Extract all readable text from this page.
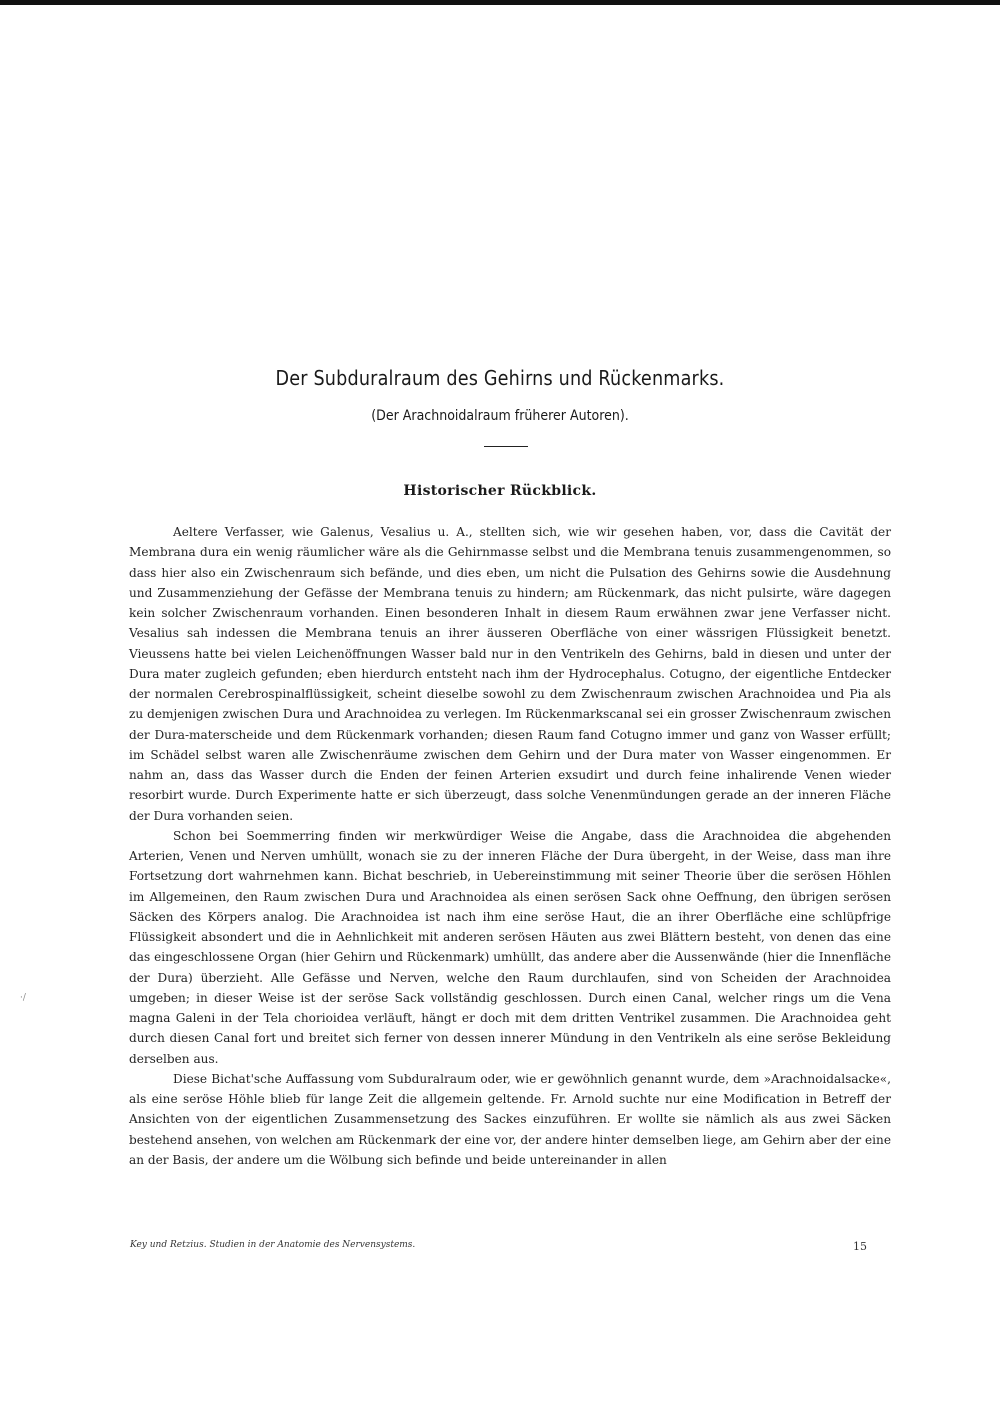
Der Subduralraum des Gehirns und Rückenmarks.
(Der Arachnoidalraum früherer Autoren).
Historischer Rückblick.

Aeltere Verfasser, wie Galenus, Vesalius u. A., stellten sich, wie wir gesehen haben, vor, dass die Cavität der Membrana dura ein wenig räumlicher wäre als die Gehirnmasse selbst und die Membrana tenuis zusammengenommen, so dass hier also ein Zwischenraum sich befände, und dies eben, um nicht die Pulsation des Gehirns sowie die Ausdehnung und Zusammenziehung der Gefässe der Membrana tenuis zu hindern; am Rückenmark, das nicht pulsirte, wäre dagegen kein solcher Zwischenraum vorhanden. Einen besonderen Inhalt in diesem Raum erwähnen zwar jene Verfasser nicht. Vesalius sah indessen die Membrana tenuis an ihrer äusseren Oberfläche von einer wässrigen Flüssigkeit benetzt. Vieussens hatte bei vielen Leichenöffnungen Wasser bald nur in den Ventrikeln des Gehirns, bald in diesen und unter der Dura mater zugleich gefunden; eben hierdurch entsteht nach ihm der Hydrocephalus. Cotugno, der eigentliche Entdecker der normalen Cerebrospinalflüssigkeit, scheint dieselbe sowohl zu dem Zwischenraum zwischen Arachnoidea und Pia als zu demjenigen zwischen Dura und Arachnoidea zu verlegen. Im Rückenmarkscanal sei ein grosser Zwischenraum zwischen der Dura-materscheide und dem Rückenmark vorhanden; diesen Raum fand Cotugno immer und ganz von Wasser erfüllt; im Schädel selbst waren alle Zwischenräume zwischen dem Gehirn und der Dura mater von Wasser eingenommen. Er nahm an, dass das Wasser durch die Enden der feinen Arterien exsudirt und durch feine inhalirende Venen wieder resorbirt wurde. Durch Experimente hatte er sich überzeugt, dass solche Venenmündungen gerade an der inneren Fläche der Dura vorhanden seien.

Schon bei Soemmerring finden wir merkwürdiger Weise die Angabe, dass die Arachnoidea die abgehenden Arterien, Venen und Nerven umhüllt, wonach sie zu der inneren Fläche der Dura übergeht, in der Weise, dass man ihre Fortsetzung dort wahrnehmen kann. Bichat beschrieb, in Uebereinstimmung mit seiner Theorie über die serösen Höhlen im Allgemeinen, den Raum zwischen Dura und Arachnoidea als einen serösen Sack ohne Oeffnung, den übrigen serösen Säcken des Körpers analog. Die Arachnoidea ist nach ihm eine seröse Haut, die an ihrer Oberfläche eine schlüpfrige Flüssigkeit absondert und die in Aehnlichkeit mit anderen serösen Häuten aus zwei Blättern besteht, von denen das eine das eingeschlossene Organ (hier Gehirn und Rückenmark) umhüllt, das andere aber die Aussenwände (hier die Innenfläche der Dura) überzieht. Alle Gefässe und Nerven, welche den Raum durchlaufen, sind von Scheiden der Arachnoidea umgeben; in dieser Weise ist der seröse Sack vollständig geschlossen. Durch einen Canal, welcher rings um die Vena magna Galeni in der Tela chorioidea verläuft, hängt er doch mit dem dritten Ventrikel zusammen. Die Arachnoidea geht durch diesen Canal fort und breitet sich ferner von dessen innerer Mündung in den Ventrikeln als eine seröse Bekleidung derselben aus.

Diese Bichat'sche Auffassung vom Subduralraum oder, wie er gewöhnlich genannt wurde, dem »Arachnoidalsacke«, als eine seröse Höhle blieb für lange Zeit die allgemein geltende. Fr. Arnold suchte nur eine Modification in Betreff der Ansichten von der eigentlichen Zusammensetzung des Sackes einzuführen. Er wollte sie nämlich als aus zwei Säcken bestehend ansehen, von welchen am Rückenmark der eine vor, der andere hinter demselben liege, am Gehirn aber der eine an der Basis, der andere um die Wölbung sich befinde und beide untereinander in allen

·/
Key und Retzius. Studien in der Anatomie des Nervensystems.	15
